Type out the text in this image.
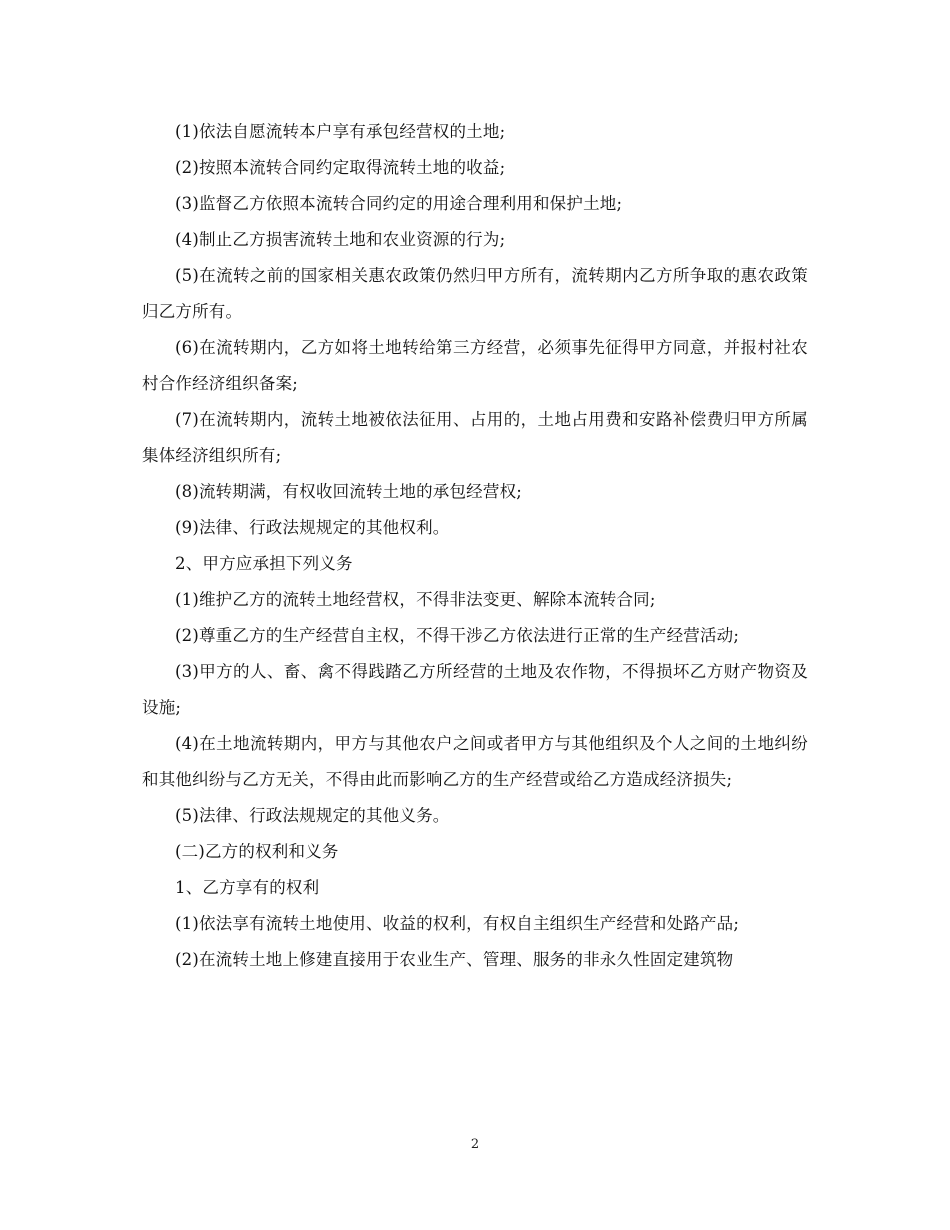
(1)依法自愿流转本户享有承包经营权的土地;

(2)按照本流转合同约定取得流转土地的收益;

(3)监督乙方依照本流转合同约定的用途合理利用和保护土地;

(4)制止乙方损害流转土地和农业资源的行为;

(5)在流转之前的国家相关惠农政策仍然归甲方所有，流转期内乙方所争取的惠农政策归乙方所有。

(6)在流转期内，乙方如将土地转给第三方经营，必须事先征得甲方同意，并报村社农村合作经济组织备案;

(7)在流转期内，流转土地被依法征用、占用的，土地占用费和安路补偿费归甲方所属集体经济组织所有;

(8)流转期满，有权收回流转土地的承包经营权;

(9)法律、行政法规规定的其他权利。

2、甲方应承担下列义务

(1)维护乙方的流转土地经营权，不得非法变更、解除本流转合同;

(2)尊重乙方的生产经营自主权，不得干涉乙方依法进行正常的生产经营活动;

(3)甲方的人、畜、禽不得践踏乙方所经营的土地及农作物，不得损坏乙方财产物资及设施;

(4)在土地流转期内，甲方与其他农户之间或者甲方与其他组织及个人之间的土地纠纷和其他纠纷与乙方无关，不得由此而影响乙方的生产经营或给乙方造成经济损失;

(5)法律、行政法规规定的其他义务。

(二)乙方的权利和义务

1、乙方享有的权利

(1)依法享有流转土地使用、收益的权利，有权自主组织生产经营和处路产品;

(2)在流转土地上修建直接用于农业生产、管理、服务的非永久性固定建筑物

2
